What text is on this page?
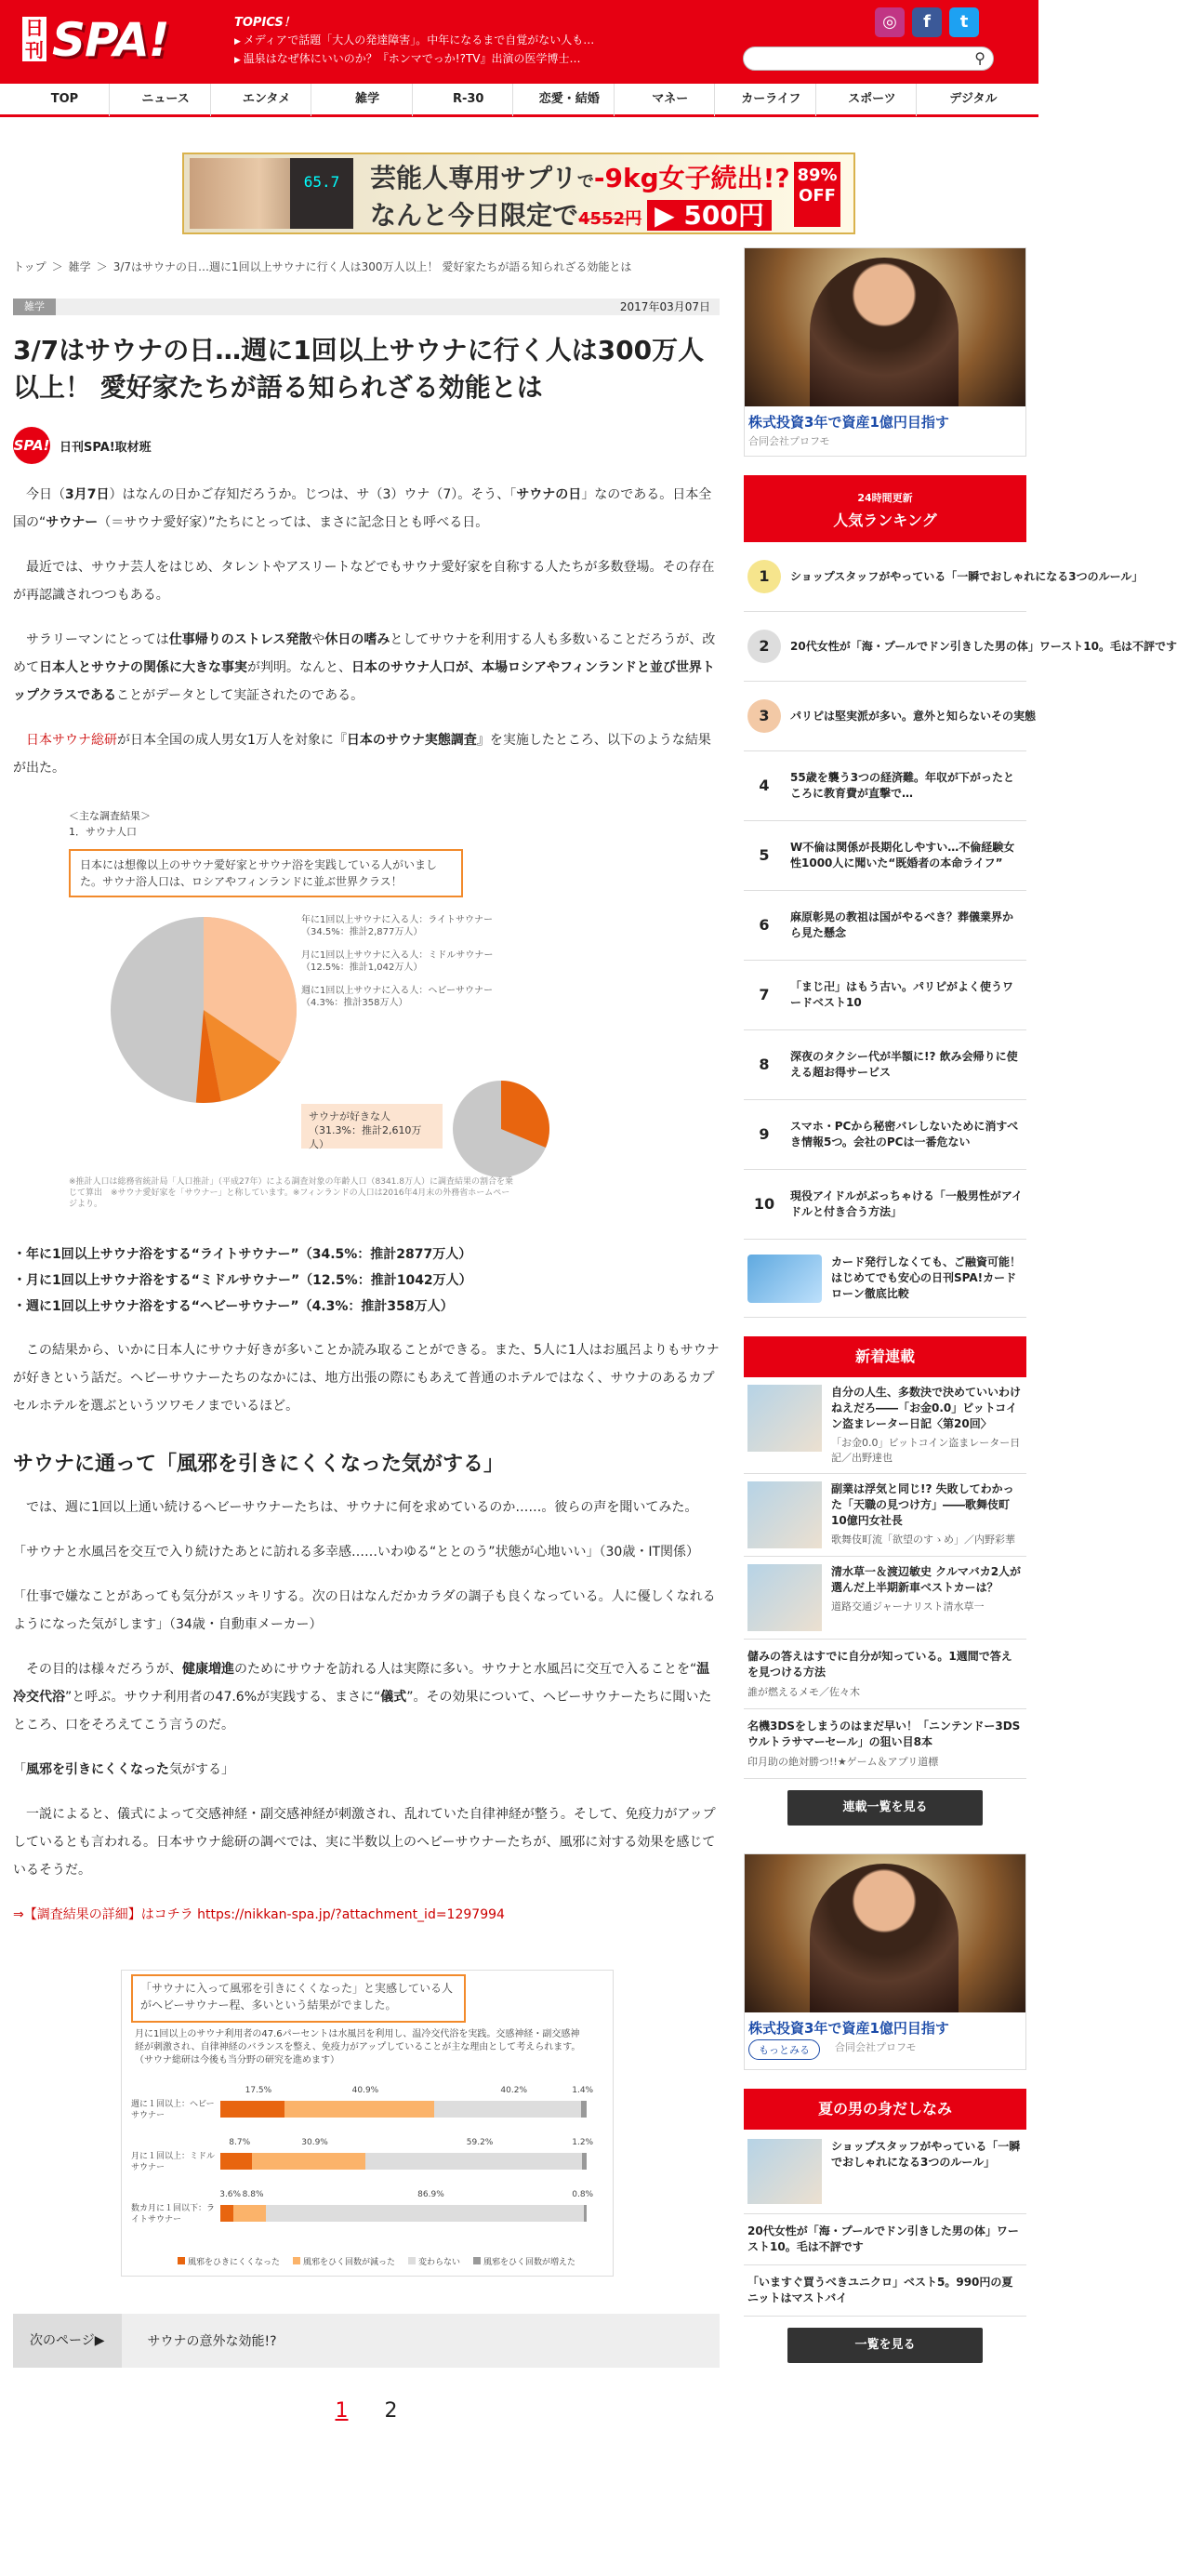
日刊 SPA!	TOPICS！
▶ メディアで話題「大人の発達障害」。中年になるまで自覚がない人も…
▶ 温泉はなぜ体にいいのか？『ホンマでっか!?TV』出演の医学博士…
◎	f	t
⚲
TOP	ニュース	エンタメ	雑学	R-30	恋愛・結婚	マネー	カーライフ	スポーツ	デジタル
65.7	芸能人専用サプリで-9kg女子続出!?
なんと今日限定で4552円 ▶ 500円
89%
OFF
トップ ＞ 雑学 ＞ 3/7はサウナの日…週に1回以上サウナに行く人は300万人以上！ 愛好家たちが語る知られざる効能とは
雑学	2017年03月07日
3/7はサウナの日…週に1回以上サウナに行く人は300万人以上！ 愛好家たちが語る知られざる効能とは
SPA! 日刊SPA!取材班

　今日（3月7日）はなんの日かご存知だろうか。じつは、サ（3）ウナ（7）。そう、「サウナの日」なのである。日本全国の“サウナー（＝サウナ愛好家）”たちにとっては、まさに記念日とも呼べる日。

　最近では、サウナ芸人をはじめ、タレントやアスリートなどでもサウナ愛好家を自称する人たちが多数登場。その存在が再認識されつつもある。

　サラリーマンにとっては仕事帰りのストレス発散や休日の嗜みとしてサウナを利用する人も多数いることだろうが、改めて日本人とサウナの関係に大きな事実が判明。なんと、日本のサウナ人口が、本場ロシアやフィンランドと並び世界トップクラスであることがデータとして実証されたのである。

　日本サウナ総研が日本全国の成人男女1万人を対象に『日本のサウナ実態調査』を実施したところ、以下のような結果が出た。

＜主な調査結果＞
1．サウナ人口
日本には想像以上のサウナ愛好家とサウナ浴を実践している人がいました。サウナ浴人口は、ロシアやフィンランドに並ぶ世界クラス！
年に1回以上サウナに入る人：ライトサウナー
（34.5%：推計2,877万人）
月に1回以上サウナに入る人：ミドルサウナー
（12.5%：推計1,042万人）
週に1回以上サウナに入る人：ヘビーサウナー
（4.3%：推計358万人）
サウナが好きな人
（31.3%：推計2,610万人）
※推計人口は総務省統計局「人口推計」（平成27年）による調査対象の年齢人口（8341.8万人）に調査結果の割合を乗じて算出　※サウナ愛好家を「サウナー」と称しています。※フィンランドの人口は2016年4月末の外務省ホームページより。
・年に1回以上サウナ浴をする“ライトサウナー”（34.5%：推計2877万人）
・月に1回以上サウナ浴をする“ミドルサウナー”（12.5%：推計1042万人）
・週に1回以上サウナ浴をする“ヘビーサウナー”（4.3%：推計358万人）

　この結果から、いかに日本人にサウナ好きが多いことか読み取ることができる。また、5人に1人はお風呂よりもサウナが好きという話だ。ヘビーサウナーたちのなかには、地方出張の際にもあえて普通のホテルではなく、サウナのあるカプセルホテルを選ぶというツワモノまでいるほど。

サウナに通って「風邪を引きにくくなった気がする」

　では、週に1回以上通い続けるヘビーサウナーたちは、サウナに何を求めているのか……。彼らの声を聞いてみた。

「サウナと水風呂を交互で入り続けたあとに訪れる多幸感……いわゆる“ととのう”状態が心地いい」（30歳・IT関係）

「仕事で嫌なことがあっても気分がスッキリする。次の日はなんだかカラダの調子も良くなっている。人に優しくなれるようになった気がします」（34歳・自動車メーカー）

　その目的は様々だろうが、健康増進のためにサウナを訪れる人は実際に多い。サウナと水風呂に交互で入ることを“温冷交代浴”と呼ぶ。サウナ利用者の47.6%が実践する、まさに“儀式”。その効果について、ヘビーサウナーたちに聞いたところ、口をそろえてこう言うのだ。

「風邪を引きにくくなった気がする」

　一説によると、儀式によって交感神経・副交感神経が刺激され、乱れていた自律神経が整う。そして、免疫力がアップしているとも言われる。日本サウナ総研の調べでは、実に半数以上のヘビーサウナーたちが、風邪に対する効果を感じているそうだ。

⇒【調査結果の詳細】はコチラ https://nikkan-spa.jp/?attachment_id=1297994

「サウナに入って風邪を引きにくくなった」と実感している人がヘビーサウナー程、多いという結果がでました。
月に1回以上のサウナ利用者の47.6パーセントは水風呂を利用し、温冷交代浴を実践。交感神経・副交感神経が刺激され、自律神経のバランスを整え、免疫力がアップしていることが主な理由として考えられます。（サウナ総研は今後も当分野の研究を進めます）
週に１回以上：ヘビーサウナー
17.5%	40.9%	40.2%	1.4%
月に１回以上：ミドルサウナー
8.7%	30.9%	59.2%	1.2%
数カ月に１回以下：ライトサウナー
3.6% 8.8%	86.9%	0.8%
風邪をひきにくくなった	風邪をひく回数が減った	変わらない	風邪をひく回数が増えた
次のページ▶	サウナの意外な効能!?
1 2
株式投資3年で資産1億円目指す
合同会社プロフモ
24時間更新
人気ランキング
1	ショップスタッフがやっている「一瞬でおしゃれになる3つのルール」
2	20代女性が「海・プールでドン引きした男の体」ワースト10。毛は不評です
3	パリピは堅実派が多い。意外と知らないその実態
4	55歳を襲う3つの経済難。年収が下がったところに教育費が直撃で…
5	W不倫は関係が長期化しやすい…不倫経験女性1000人に聞いた“既婚者の本命ライフ”
6	麻原彰晃の教祖は国がやるべき？葬儀業界から見た懸念
7	「まじ卍」はもう古い。パリピがよく使うワードベスト10
8	深夜のタクシー代が半額に!? 飲み会帰りに使える超お得サービス
9	スマホ・PCから秘密バレしないために消すべき情報5つ。会社のPCは一番危ない
10	現役アイドルがぶっちゃける「一般男性がアイドルと付き合う方法」
カード発行しなくても、ご融資可能！はじめてでも安心の日刊SPA!カードローン徹底比較
新着連載
自分の人生、多数決で決めていいわけねえだろ――「お金0.0」ビットコイン盗まレーター日記〈第20回〉
「お金0.0」ビットコイン盗まレーター日記／出野達也
副業は浮気と同じ!? 失敗してわかった「天職の見つけ方」――歌舞伎町10億円女社長
歌舞伎町流「欲望のすゝめ」／内野彩華
清水草一＆渡辺敏史 クルマバカ2人が選んだ上半期新車ベストカーは？
道路交通ジャーナリスト清水草一
儲みの答えはすでに自分が知っている。1週間で答えを見つける方法
誰が燃えるメモ／佐々木
名機3DSをしまうのはまだ早い！「ニンテンドー3DS ウルトラサマーセール」の狙い目8本
印月助の絶対勝つ!!★ゲーム＆アプリ道標
連載一覧を見る
株式投資3年で資産1億円目指す
もっとみる	合同会社プロフモ
夏の男の身だしなみ
ショップスタッフがやっている「一瞬でおしゃれになる3つのルール」
20代女性が「海・プールでドン引きした男の体」ワースト10。毛は不評です
「いますぐ買うべきユニクロ」ベスト5。990円の夏ニットはマストバイ
一覧を見る
